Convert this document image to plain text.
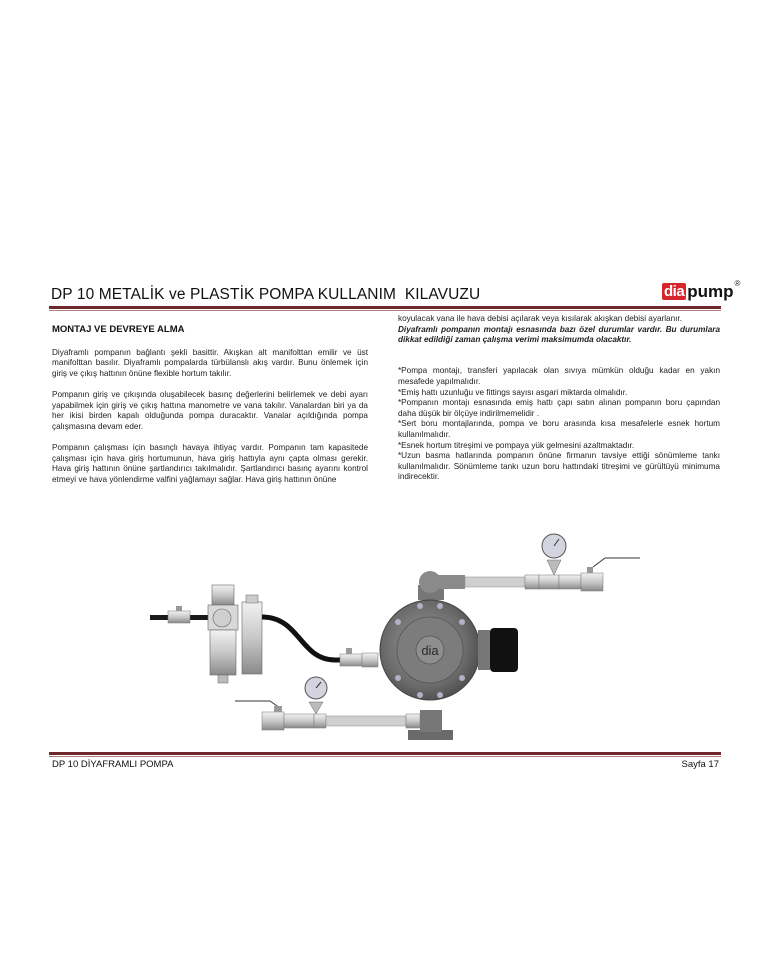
DP 10 METALİK ve PLASTİK POMPA KULLANIM  KILAVUZU	dia pump ®
MONTAJ VE DEVREYE ALMA

Diyaframlı pompanın bağlantı şekli basittir. Akışkan alt manifolttan emilir ve üst manifolttan basılır. Diyaframlı pompalarda türbülanslı akış vardır. Bunu önlemek için giriş ve çıkış hattının önüne flexible hortum takılır.

Pompanın giriş ve çıkışında oluşabilecek basınç değerlerini belirlemek ve debi ayarı yapabilmek için giriş ve çıkış hattına manometre ve vana takılır. Vanalardan biri ya da her ikisi birden kapalı olduğunda pompa duracaktır. Vanalar açıldığında pompa çalışmasına devam eder.

Pompanın çalışması için basınçlı havaya ihtiyaç vardır. Pompanın tam kapasitede çalışması için hava giriş hortumunun, hava giriş hattıyla aynı çapta olması gerekir. Hava giriş hattının önüne şartlandırıcı takılmalıdır. Şartlandırıcı basınç ayarını kontrol etmeyi ve hava yönlendirme valfini yağlamayı sağlar. Hava giriş hattının önüne

koyulacak vana ile hava debisi açılarak veya kısılarak akışkan debisi ayarlanır.

Diyaframlı pompanın montajı esnasında bazı özel durumlar vardır. Bu durumlara dikkat edildiği zaman çalışma verimi maksimumda olacaktır.

*Pompa montajı, transferi yapılacak olan sıvıya mümkün olduğu kadar en yakın mesafede yapılmalıdır.

*Emiş hattı uzunluğu ve fittings sayısı asgari miktarda olmalıdır.

*Pompanın montajı esnasında emiş hattı çapı satın alınan pompanın boru çapından daha düşük bir ölçüye indirilmemelidir .

*Sert boru montajlarında, pompa ve boru arasında kısa mesafelerle esnek hortum kullanılmalıdır.

*Esnek hortum titreşimi ve pompaya yük gelmesini azaltmaktadır.

*Uzun basma hatlarında pompanın önüne firmanın tavsiye ettiği sönümleme tankı kullanılmalıdır. Sönümleme tankı uzun boru hattındaki titreşimi ve gürültüyü minimuma indirecektir.

dia
DP 10 DİYAFRAMLI POMPA	Sayfa 17
